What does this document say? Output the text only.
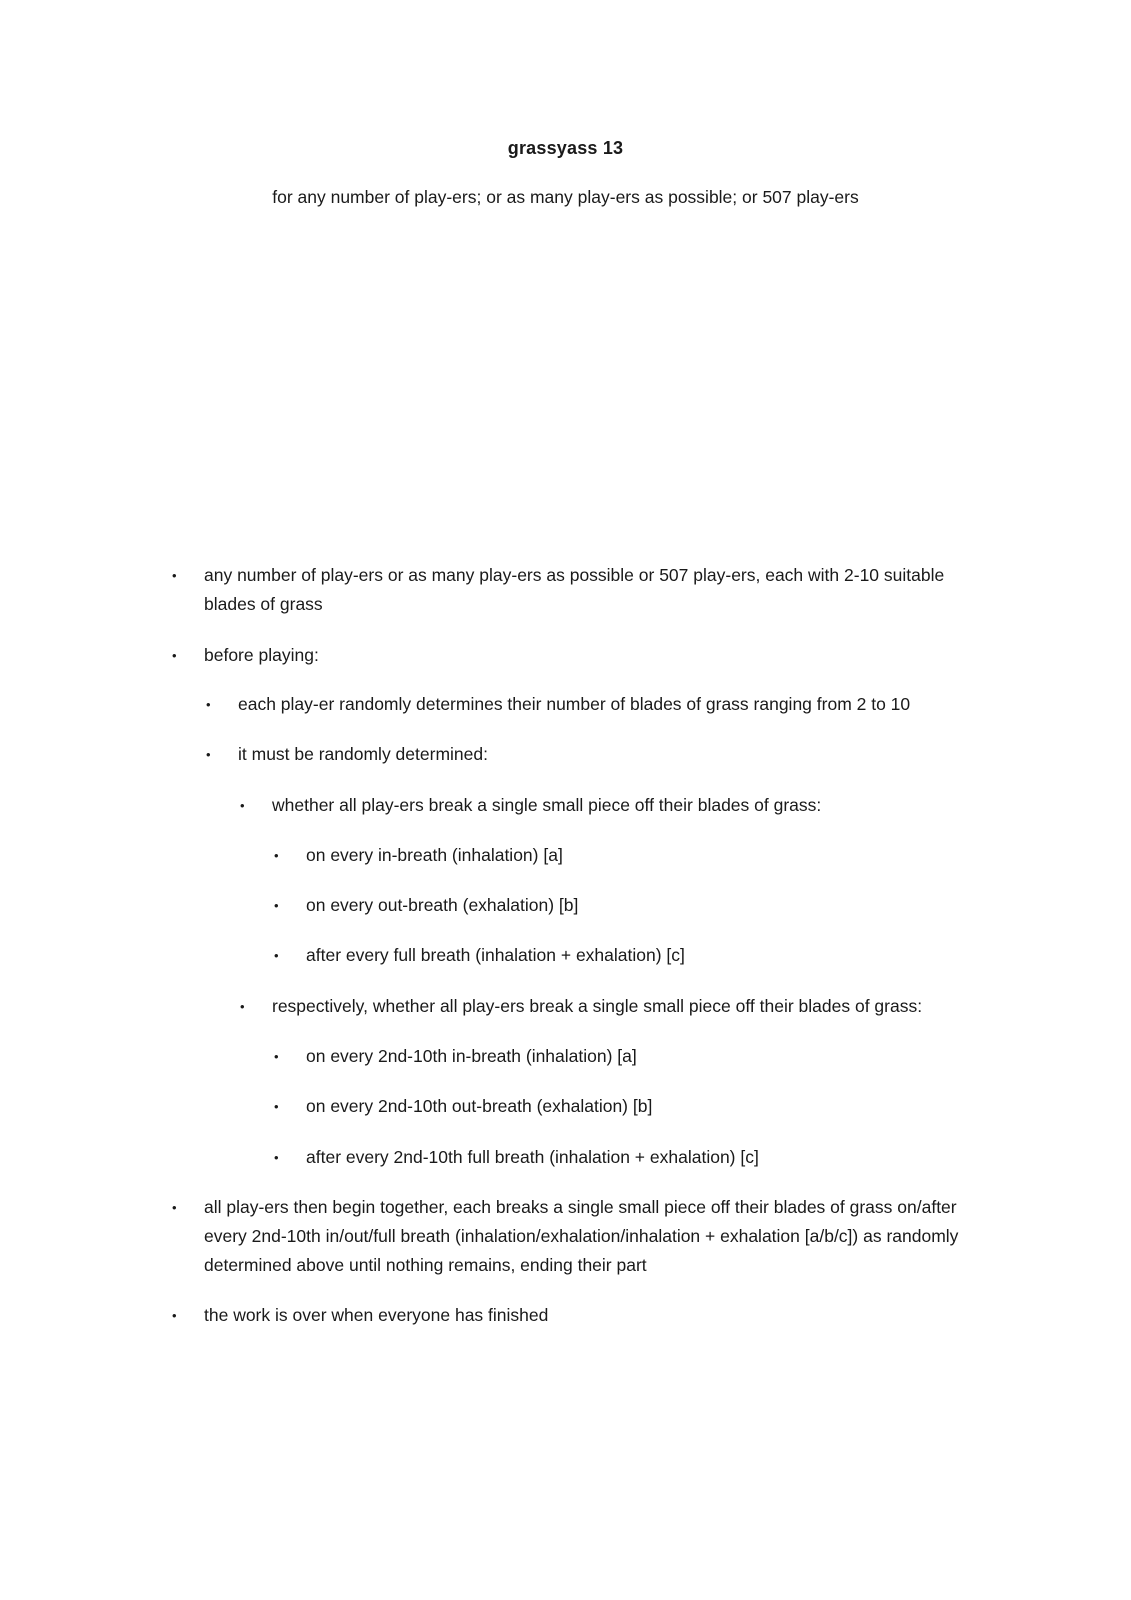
grassyass 13
for any number of play-ers; or as many play-ers as possible; or 507 play-ers
• any number of play-ers or as many play-ers as possible or 507 play-ers, each with 2-10 suitable blades of grass
• before playing:
• each play-er randomly determines their number of blades of grass ranging from 2 to 10
• it must be randomly determined:
• whether all play-ers break a single small piece off their blades of grass:
• on every in-breath (inhalation) [a]
• on every out-breath (exhalation) [b]
• after every full breath (inhalation + exhalation) [c]
• respectively, whether all play-ers break a single small piece off their blades of grass:
• on every 2nd-10th in-breath (inhalation) [a]
• on every 2nd-10th out-breath (exhalation) [b]
• after every 2nd-10th full breath (inhalation + exhalation) [c]
• all play-ers then begin together, each breaks a single small piece off their blades of grass on/after every 2nd-10th in/out/full breath (inhalation/exhalation/inhalation + exhalation [a/b/c]) as randomly determined above until nothing remains, ending their part
• the work is over when everyone has finished
